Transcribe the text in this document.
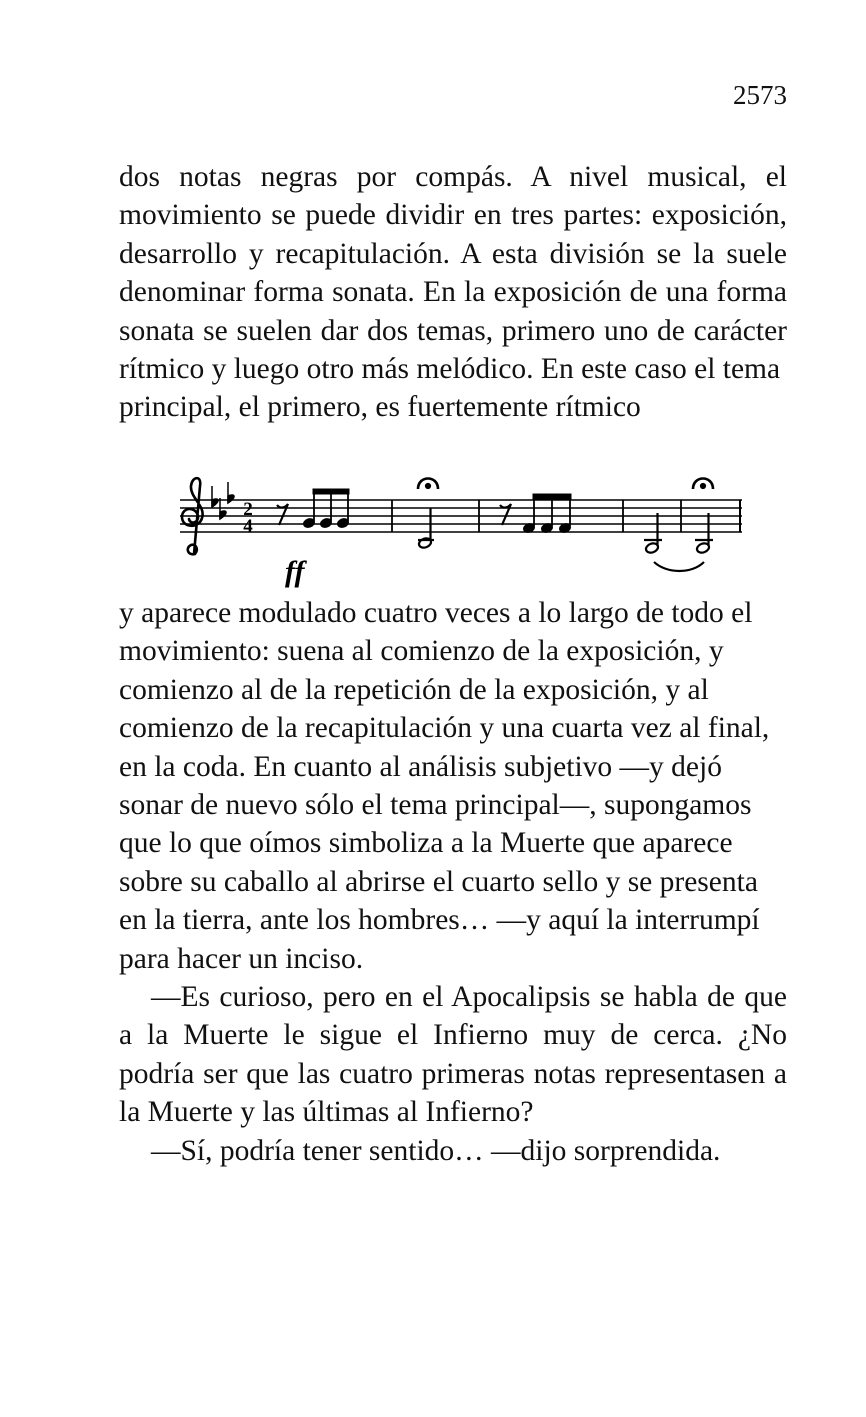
2573

dos notas negras por compás. A nivel musical, el movimiento se puede dividir en tres partes: exposición, desarrollo y recapitulación. A esta división se la suele denominar forma sonata. En la exposición de una forma sonata se suelen dar dos temas, primero uno de carácter rítmico y luego otro más melódico. En este caso el tema

principal, el primero, es fuertemente rítmico

2
4
ff

y aparece modulado cuatro veces a lo largo de todo el movimiento: suena al comienzo de la exposición, y comienzo al de la repetición de la exposición, y al comienzo de la recapitulación y una cuarta vez al final, en la coda. En cuanto al análisis subjetivo —y dejó sonar de nuevo sólo el tema principal—, supongamos que lo que oímos simboliza a la Muerte que aparece sobre su caballo al abrirse el cuarto sello y se presenta en la tierra, ante los hombres… —y aquí la interrumpí para hacer un inciso.

—Es curioso, pero en el Apocalipsis se habla de que a la Muerte le sigue el Infierno muy de cerca. ¿No podría ser que las cuatro primeras notas representasen a la Muerte y las últimas al Infierno?

—Sí, podría tener sentido… —dijo sorprendida.
